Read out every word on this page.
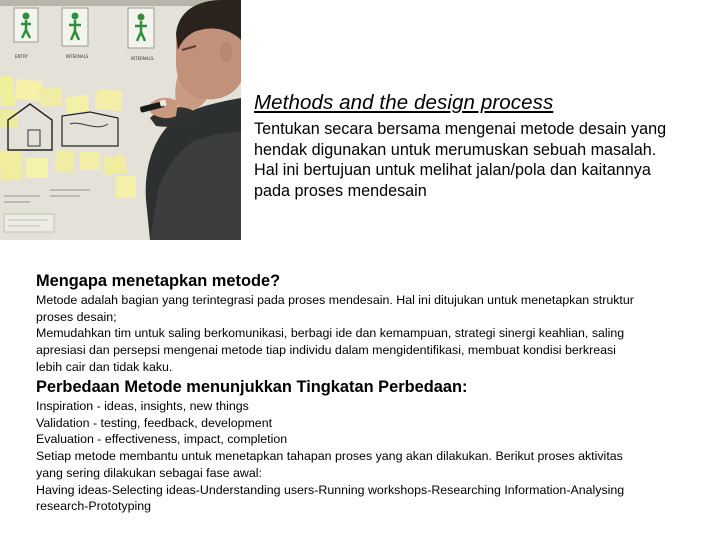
ENTRY	INTERNALS	INTERNALS
Methods and the design process

Tentukan secara bersama mengenai metode desain yang
hendak digunakan untuk merumuskan sebuah masalah.
Hal ini bertujuan untuk melihat jalan/pola dan kaitannya
pada proses mendesain

Mengapa menetapkan metode?

Metode adalah bagian yang terintegrasi pada proses mendesain. Hal ini ditujukan untuk menetapkan struktur
proses desain;
Memudahkan tim untuk saling berkomunikasi, berbagi ide dan kemampuan, strategi sinergi keahlian, saling
apresiasi dan persepsi mengenai metode tiap individu dalam mengidentifikasi, membuat kondisi berkreasi
lebih cair dan tidak kaku.

Perbedaan Metode menunjukkan Tingkatan Perbedaan:

Inspiration - ideas, insights, new things
Validation - testing, feedback, development
Evaluation - effectiveness, impact, completion
Setiap metode membantu untuk menetapkan tahapan proses yang akan dilakukan. Berikut proses aktivitas
yang sering dilakukan sebagai fase awal:
Having ideas-Selecting ideas-Understanding users-Running workshops-Researching Information-Analysing
research-Prototyping
